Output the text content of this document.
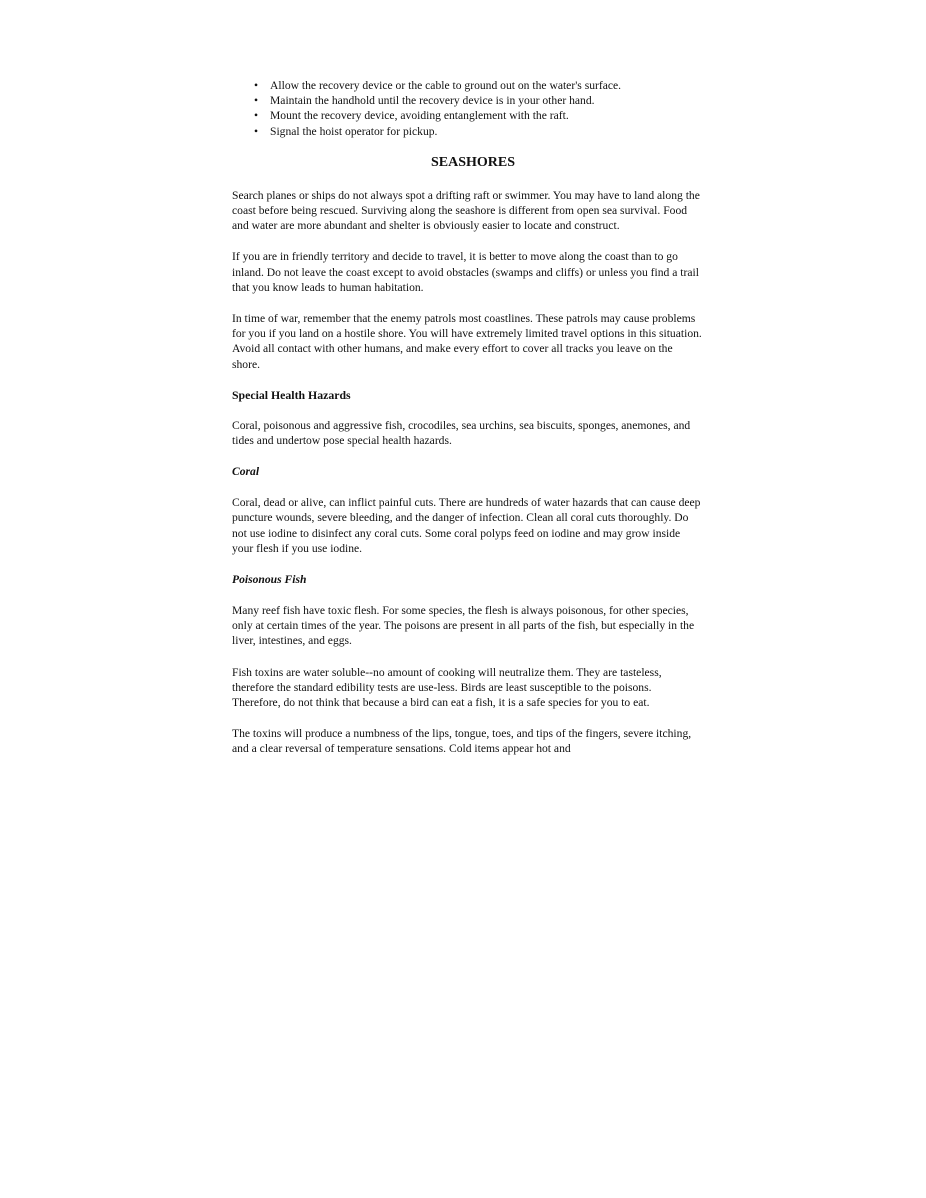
• Allow the recovery device or the cable to ground out on the water's surface.
• Maintain the handhold until the recovery device is in your other hand.
• Mount the recovery device, avoiding entanglement with the raft.
• Signal the hoist operator for pickup.
SEASHORES

Search planes or ships do not always spot a drifting raft or swimmer. You may have to land along the coast before being rescued. Surviving along the seashore is different from open sea survival. Food and water are more abundant and shelter is obviously easier to locate and construct.

If you are in friendly territory and decide to travel, it is better to move along the coast than to go inland. Do not leave the coast except to avoid obstacles (swamps and cliffs) or unless you find a trail that you know leads to human habitation.

In time of war, remember that the enemy patrols most coastlines. These patrols may cause problems for you if you land on a hostile shore. You will have extremely limited travel options in this situation. Avoid all contact with other humans, and make every effort to cover all tracks you leave on the shore.

Special Health Hazards

Coral, poisonous and aggressive fish, crocodiles, sea urchins, sea biscuits, sponges, anemones, and tides and undertow pose special health hazards.

Coral

Coral, dead or alive, can inflict painful cuts. There are hundreds of water hazards that can cause deep puncture wounds, severe bleeding, and the danger of infection. Clean all coral cuts thoroughly. Do not use iodine to disinfect any coral cuts. Some coral polyps feed on iodine and may grow inside your flesh if you use iodine.

Poisonous Fish

Many reef fish have toxic flesh. For some species, the flesh is always poisonous, for other species, only at certain times of the year. The poisons are present in all parts of the fish, but especially in the liver, intestines, and eggs.

Fish toxins are water soluble--no amount of cooking will neutralize them. They are tasteless, therefore the standard edibility tests are use-less. Birds are least susceptible to the poisons. Therefore, do not think that because a bird can eat a fish, it is a safe species for you to eat.

The toxins will produce a numbness of the lips, tongue, toes, and tips of the fingers, severe itching, and a clear reversal of temperature sensations. Cold items appear hot and
